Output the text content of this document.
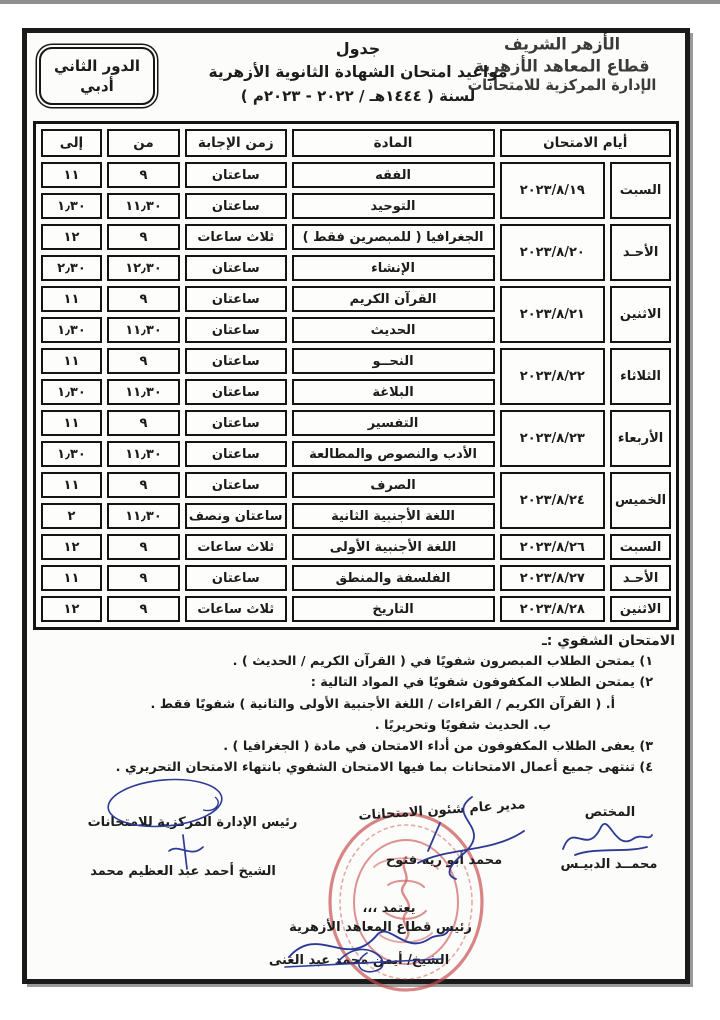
الأزهر الشريف
قطاع المعاهد الأزهرية
الإدارة المركزية للامتحانات
جدول
مواعيد امتحان الشهادة الثانوية الأزهرية
لسنة ( ١٤٤٤هـ / ٢٠٢٢ - ٢٠٢٣م )
الدور الثاني
أدبي
أيام الامتحان		المادة	زمن الإجابة	من	إلى
السبت	٢٠٢٣/٨/١٩	الفقه	ساعتان	٩	١١
		التوحيد	ساعتان	١١٫٣٠	١٫٣٠
الأحـد	٢٠٢٣/٨/٢٠	الجغرافيا ( للمبصرين فقط )	ثلاث ساعات	٩	١٢
		الإنشاء	ساعتان	١٢٫٣٠	٢٫٣٠
الاثنين	٢٠٢٣/٨/٢١	القرآن الكريم	ساعتان	٩	١١
		الحديث	ساعتان	١١٫٣٠	١٫٣٠
الثلاثاء	٢٠٢٣/٨/٢٢	النحــو	ساعتان	٩	١١
		البلاغة	ساعتان	١١٫٣٠	١٫٣٠
الأربعاء	٢٠٢٣/٨/٢٣	التفسير	ساعتان	٩	١١
		الأدب والنصوص والمطالعة	ساعتان	١١٫٣٠	١٫٣٠
الخميس	٢٠٢٣/٨/٢٤	الصرف	ساعتان	٩	١١
		اللغة الأجنبية الثانية	ساعتان ونصف	١١٫٣٠	٢
السبت	٢٠٢٣/٨/٢٦	اللغة الأجنبية الأولى	ثلاث ساعات	٩	١٢
الأحـد	٢٠٢٣/٨/٢٧	الفلسفة والمنطق	ساعتان	٩	١١
الاثنين	٢٠٢٣/٨/٢٨	التاريخ	ثلاث ساعات	٩	١٢
الامتحان الشفوي :ـ
١) يمتحن الطلاب المبصرون شفويًا في ( القرآن الكريم / الحديث ) .
٢) يمتحن الطلاب المكفوفون شفويًا في المواد التالية :
أ. ( القرآن الكريم / القراءات / اللغة الأجنبية الأولى والثانية ) شفويًا فقط .
ب. الحديث شفويًا وتحريريًا .
٣) يعفى الطلاب المكفوفون من أداء الامتحان في مادة ( الجغرافيا ) .
٤) تنتهى جميع أعمال الامتحانات بما فيها الامتحان الشفوي بانتهاء الامتحان التحريري .
المختص
محمــد الدبيـس
مدير عام شئون الامتحانات
محمد أبو ريه فتوح
رئيس الإدارة المركزية للامتحانات
الشيخ أحمد عبد العظيم محمد
يعتمد ،،،
رئيس قطاع المعاهد الأزهرية
الشيخ/ أيمن محمد عبد الغنى
